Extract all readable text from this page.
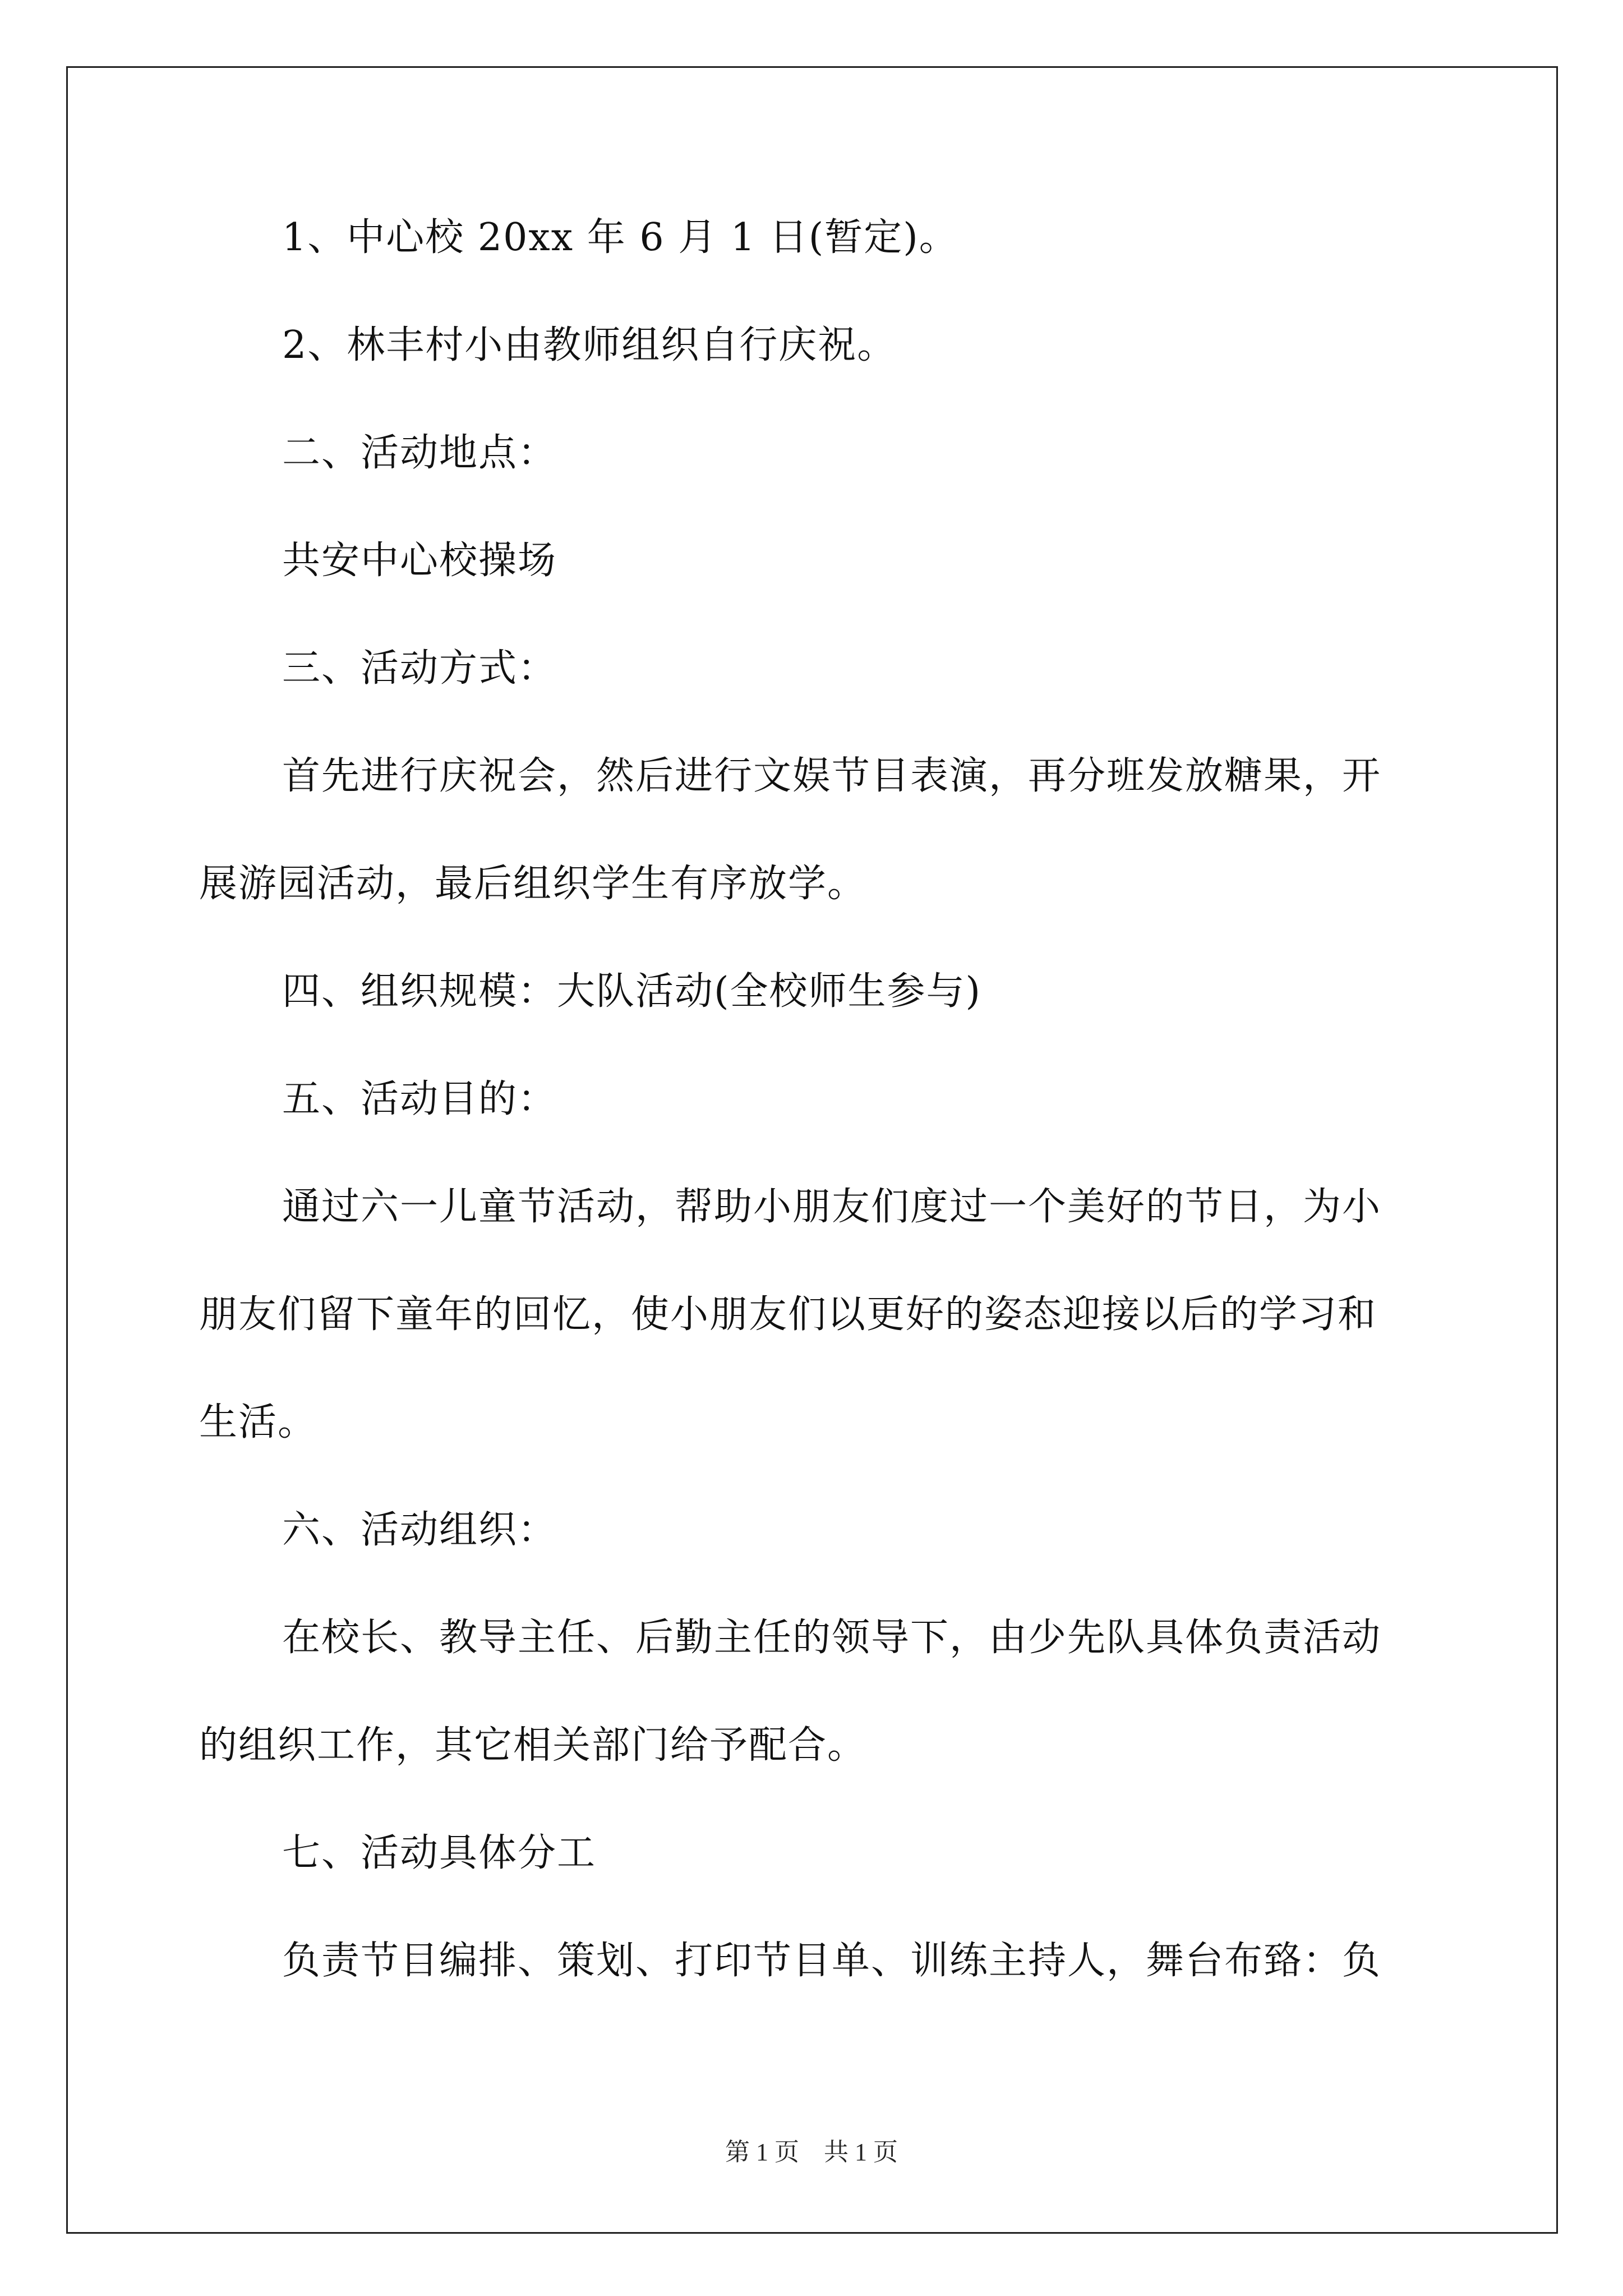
1、中心校 20xx 年 6 月 1 日(暂定)。
2、林丰村小由教师组织自行庆祝。
二、活动地点：
共安中心校操场
三、活动方式：
首先进行庆祝会，然后进行文娱节目表演，再分班发放糖果，开
展游园活动，最后组织学生有序放学。
四、组织规模：大队活动(全校师生参与)
五、活动目的：
通过六一儿童节活动，帮助小朋友们度过一个美好的节日，为小
朋友们留下童年的回忆，使小朋友们以更好的姿态迎接以后的学习和
生活。
六、活动组织：
在校长、教导主任、后勤主任的领导下，由少先队具体负责活动
的组织工作，其它相关部门给予配合。
七、活动具体分工
负责节目编排、策划、打印节目单、训练主持人，舞台布臵：负
第 1 页　共 1 页
